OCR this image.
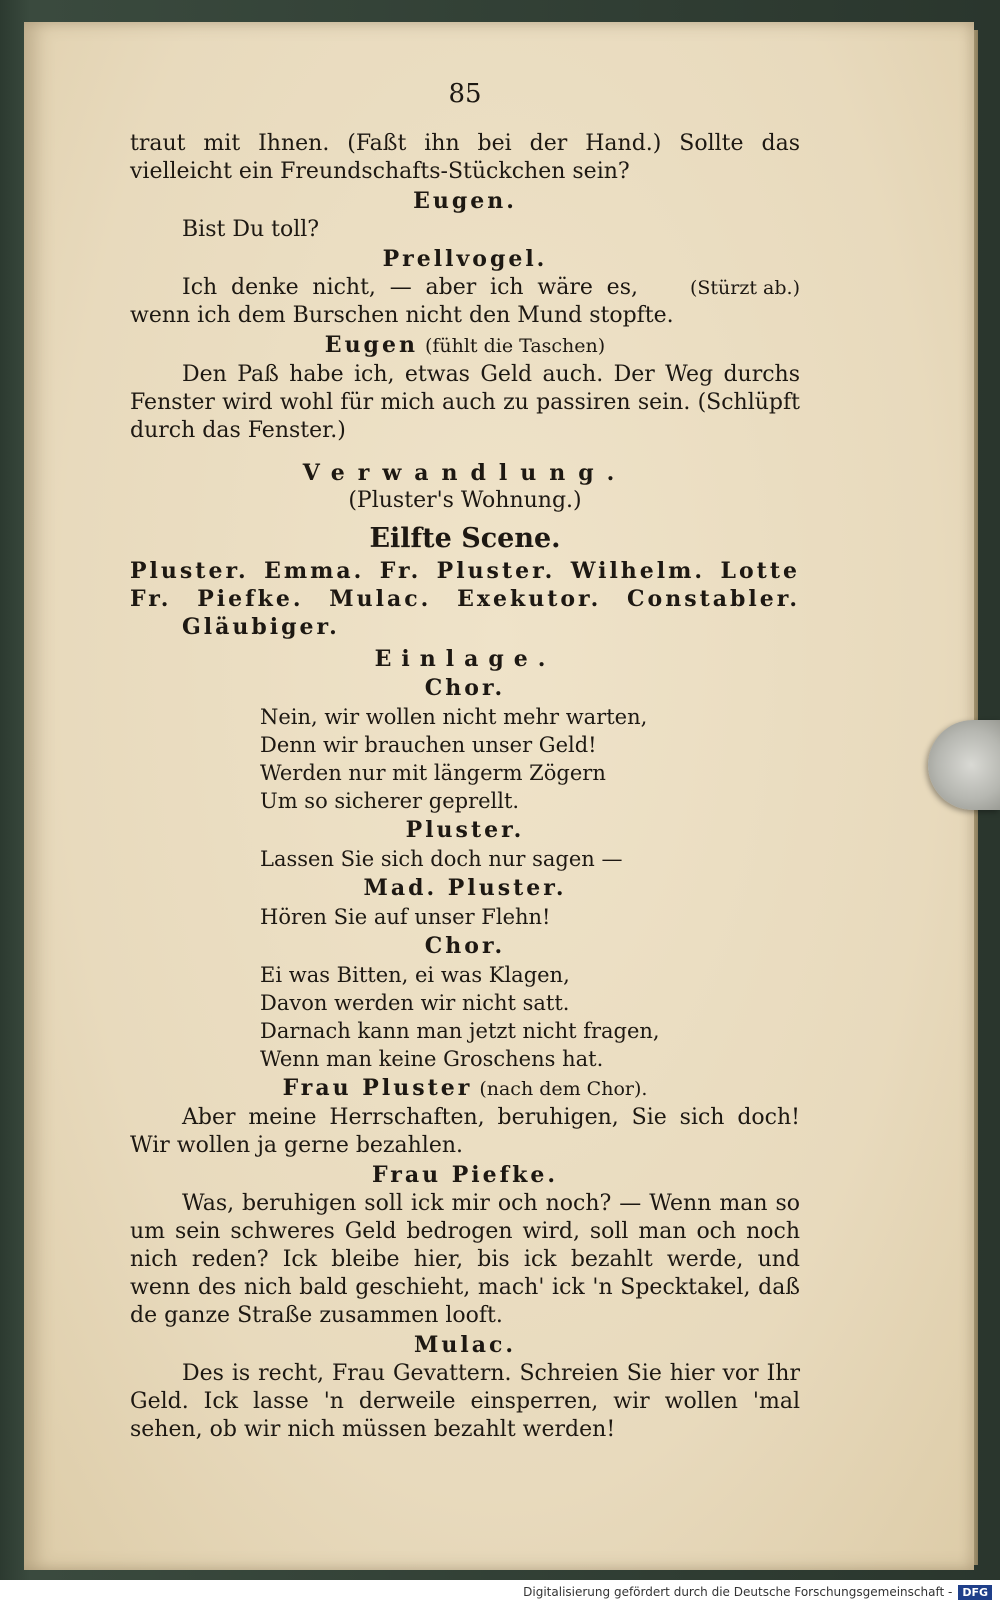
85

traut mit Ihnen. (Faßt ihn bei der Hand.) Sollte das vielleicht ein Freundschafts-Stückchen sein?

Eugen.

Bist Du toll?

Prellvogel.

(Stürzt ab.)
Ich denke nicht, — aber ich wäre es, wenn ich dem Burschen nicht den Mund stopfte.

Eugen (fühlt die Taschen)

Den Paß habe ich, etwas Geld auch. Der Weg durchs Fenster wird wohl für mich auch zu passiren sein. (Schlüpft durch das Fenster.)

Verwandlung.
(Pluster's Wohnung.)
Eilfte Scene.
Pluster. Emma. Fr. Pluster. Wilhelm. Lotte
Fr. Piefke. Mulac. Exekutor. Constabler.
Gläubiger.
Einlage.
Chor.
Nein, wir wollen nicht mehr warten,
Denn wir brauchen unser Geld!
Werden nur mit längerm Zögern
Um so sicherer geprellt.
Pluster.
Lassen Sie sich doch nur sagen —
Mad. Pluster.
Hören Sie auf unser Flehn!
Chor.
Ei was Bitten, ei was Klagen,
Davon werden wir nicht satt.
Darnach kann man jetzt nicht fragen,
Wenn man keine Groschens hat.
Frau Pluster (nach dem Chor).

Aber meine Herrschaften, beruhigen, Sie sich doch! Wir wollen ja gerne bezahlen.

Frau Piefke.

Was, beruhigen soll ick mir och noch? — Wenn man so um sein schweres Geld bedrogen wird, soll man och noch nich reden? Ick bleibe hier, bis ick bezahlt werde, und wenn des nich bald geschieht, mach' ick 'n Specktakel, daß de ganze Straße zusammen looft.

Mulac.

Des is recht, Frau Gevattern. Schreien Sie hier vor Ihr Geld. Ick lasse 'n derweile einsperren, wir wollen 'mal sehen, ob wir nich müssen bezahlt werden!

Digitalisierung gefördert durch die Deutsche Forschungsgemeinschaft - DFG
